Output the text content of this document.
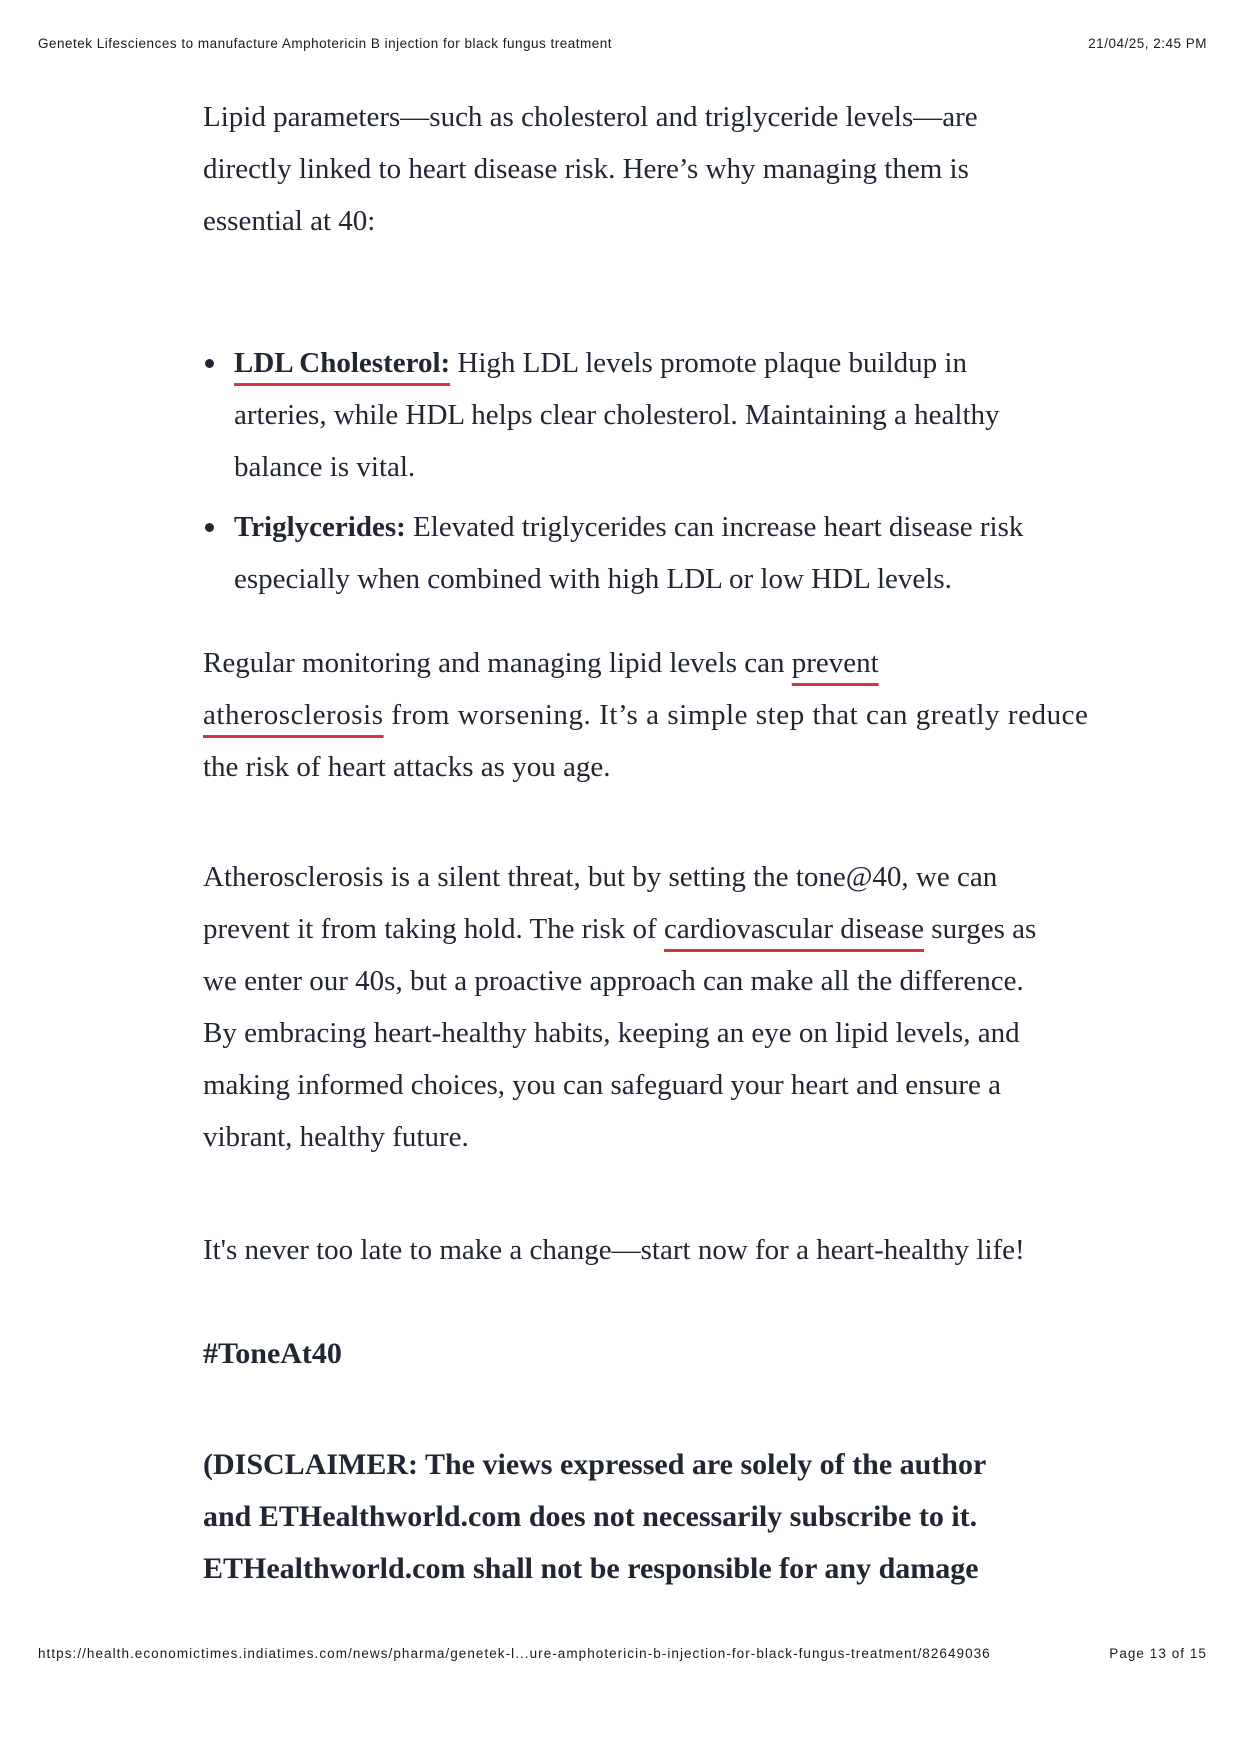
Genetek Lifesciences to manufacture Amphotericin B injection for black fungus treatment	21/04/25, 2:45 PM
Lipid parameters—such as cholesterol and triglyceride levels—are
directly linked to heart disease risk. Here’s why managing them is
essential at 40:
LDL Cholesterol: High LDL levels promote plaque buildup in
arteries, while HDL helps clear cholesterol. Maintaining a healthy
balance is vital.
Triglycerides: Elevated triglycerides can increase heart disease risk
especially when combined with high LDL or low HDL levels.
Regular monitoring and managing lipid levels can prevent
atherosclerosis from worsening. It’s a simple step that can greatly reduce
the risk of heart attacks as you age.
Atherosclerosis is a silent threat, but by setting the tone@40, we can
prevent it from taking hold. The risk of cardiovascular disease surges as
we enter our 40s, but a proactive approach can make all the difference.
By embracing heart-healthy habits, keeping an eye on lipid levels, and
making informed choices, you can safeguard your heart and ensure a
vibrant, healthy future.
It's never too late to make a change—start now for a heart-healthy life!
#ToneAt40
(DISCLAIMER: The views expressed are solely of the author
and ETHealthworld.com does not necessarily subscribe to it.
ETHealthworld.com shall not be responsible for any damage
https://health.economictimes.indiatimes.com/news/pharma/genetek-l...ure-amphotericin-b-injection-for-black-fungus-treatment/82649036	Page 13 of 15
